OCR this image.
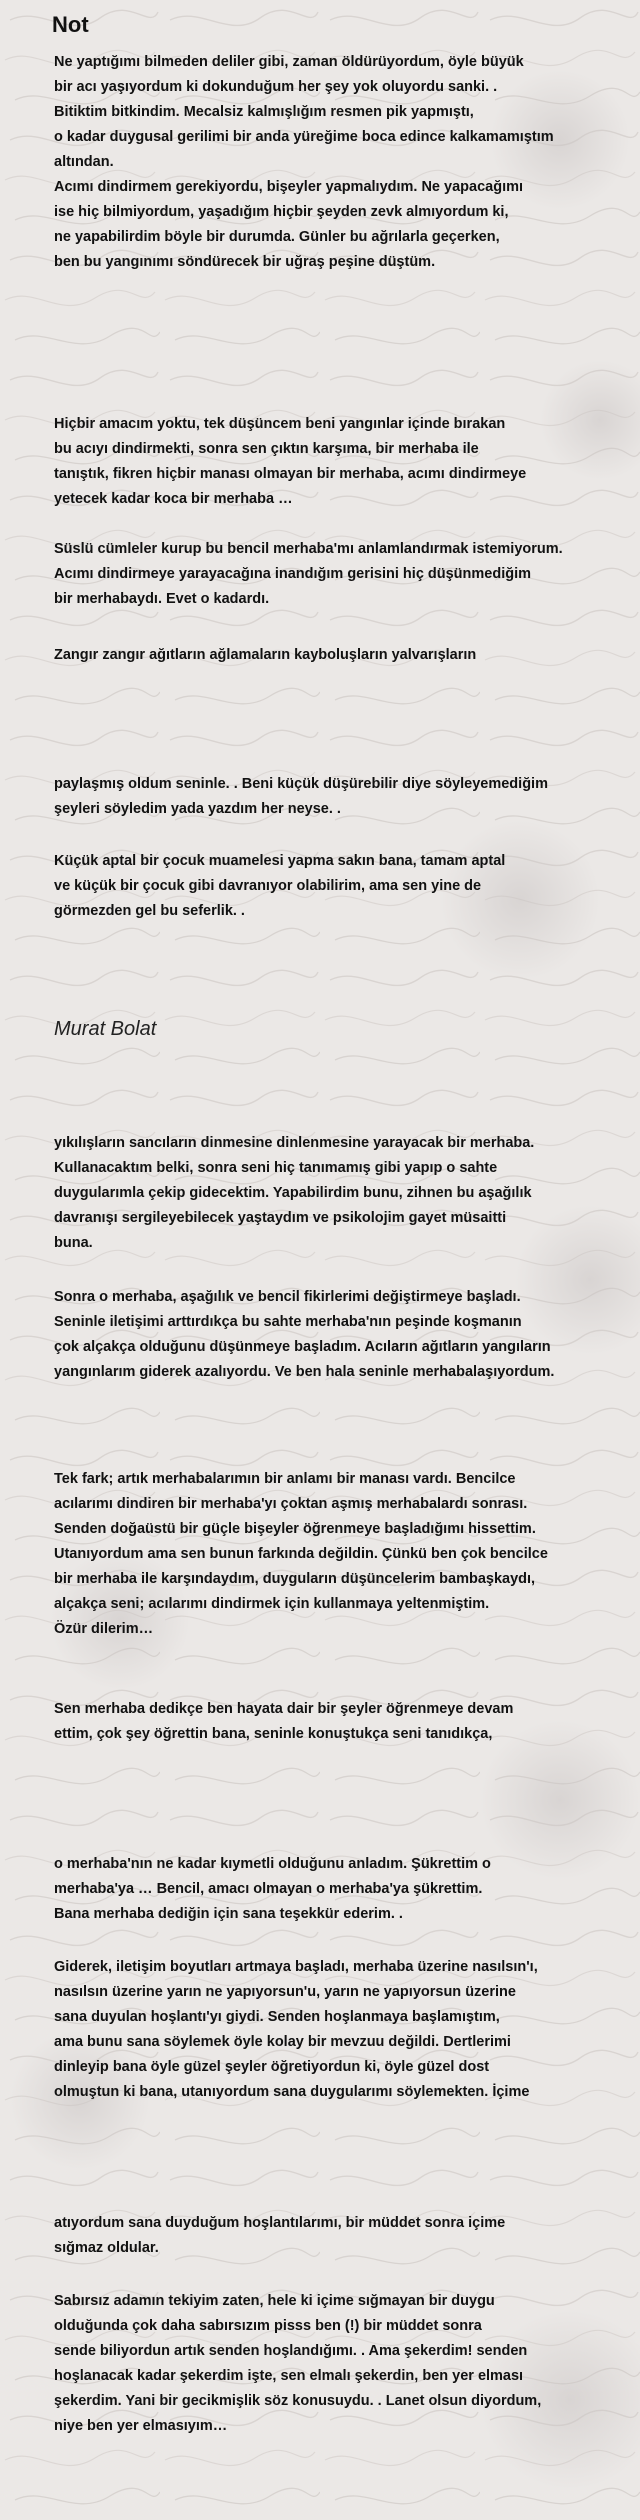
Not
Ne yaptığımı bilmeden deliler gibi, zaman öldürüyordum, öyle büyük
bir acı yaşıyordum ki dokunduğum her şey yok oluyordu sanki. .
Bitiktim bitkindim. Mecalsiz kalmışlığım resmen pik yapmıştı,
o kadar duygusal gerilimi bir anda yüreğime boca edince kalkamamıştım
altından.
Acımı dindirmem gerekiyordu, bişeyler yapmalıydım. Ne yapacağımı
ise hiç bilmiyordum, yaşadığım hiçbir şeyden zevk almıyordum ki,
ne yapabilirdim böyle bir durumda. Günler bu ağrılarla geçerken,
ben bu yangınımı söndürecek bir uğraş peşine düştüm.
Hiçbir amacım yoktu, tek düşüncem beni yangınlar içinde bırakan
bu acıyı dindirmekti, sonra sen çıktın karşıma, bir merhaba ile
tanıştık, fikren hiçbir manası olmayan bir merhaba, acımı dindirmeye
yetecek kadar koca bir merhaba …
Süslü cümleler kurup bu bencil merhaba'mı anlamlandırmak istemiyorum.
Acımı dindirmeye yarayacağına inandığım gerisini hiç düşünmediğim
bir merhabaydı. Evet o kadardı.
Zangır zangır ağıtların ağlamaların kayboluşların yalvarışların
paylaşmış oldum seninle. . Beni küçük düşürebilir diye söyleyemediğim
şeyleri söyledim yada yazdım her neyse. .
Küçük aptal bir çocuk muamelesi yapma sakın bana, tamam aptal
ve küçük bir çocuk gibi davranıyor olabilirim, ama sen yine de
görmezden gel bu seferlik. .

Murat Bolat

yıkılışların sancıların dinmesine dinlenmesine yarayacak bir merhaba.
Kullanacaktım belki, sonra seni hiç tanımamış gibi yapıp o sahte
duygularımla çekip gidecektim. Yapabilirdim bunu, zihnen bu aşağılık
davranışı sergileyebilecek yaştaydım ve psikolojim gayet müsaitti
buna.
Sonra o merhaba, aşağılık ve bencil fikirlerimi değiştirmeye başladı.
Seninle iletişimi arttırdıkça bu sahte merhaba'nın peşinde koşmanın
çok alçakça olduğunu düşünmeye başladım. Acıların ağıtların yangıların
yangınlarım giderek azalıyordu. Ve ben hala seninle merhabalaşıyordum.
Tek fark; artık merhabalarımın bir anlamı bir manası vardı. Bencilce
acılarımı dindiren bir merhaba'yı çoktan aşmış merhabalardı sonrası.
Senden doğaüstü bir güçle bişeyler öğrenmeye başladığımı hissettim.
Utanıyordum ama sen bunun farkında değildin. Çünkü ben çok bencilce
bir merhaba ile karşındaydım, duyguların düşüncelerim bambaşkaydı,
alçakça seni; acılarımı dindirmek için kullanmaya yeltenmiştim.
Özür dilerim…
Sen merhaba dedikçe ben hayata dair bir şeyler öğrenmeye devam
ettim, çok şey öğrettin bana, seninle konuştukça seni tanıdıkça,
o merhaba'nın ne kadar kıymetli olduğunu anladım. Şükrettim o
merhaba'ya … Bencil, amacı olmayan o merhaba'ya şükrettim.
Bana merhaba dediğin için sana teşekkür ederim. .
Giderek, iletişim boyutları artmaya başladı, merhaba üzerine nasılsın'ı,
nasılsın üzerine yarın ne yapıyorsun'u, yarın ne yapıyorsun üzerine
sana duyulan hoşlantı'yı giydi. Senden hoşlanmaya başlamıştım,
ama bunu sana söylemek öyle kolay bir mevzuu değildi. Dertlerimi
dinleyip bana öyle güzel şeyler öğretiyordun ki, öyle güzel dost
olmuştun ki bana, utanıyordum sana duygularımı söylemekten. İçime
atıyordum sana duyduğum hoşlantılarımı, bir müddet sonra içime
sığmaz oldular.
Sabırsız adamın tekiyim zaten, hele ki içime sığmayan bir duygu
olduğunda çok daha sabırsızım pisss ben (!) bir müddet sonra
sende biliyordun artık senden hoşlandığımı. . Ama şekerdim! senden
hoşlanacak kadar şekerdim işte, sen elmalı şekerdin, ben yer elması
şekerdim. Yani bir gecikmişlik söz konusuydu. . Lanet olsun diyordum,
niye ben yer elmasıyım…
